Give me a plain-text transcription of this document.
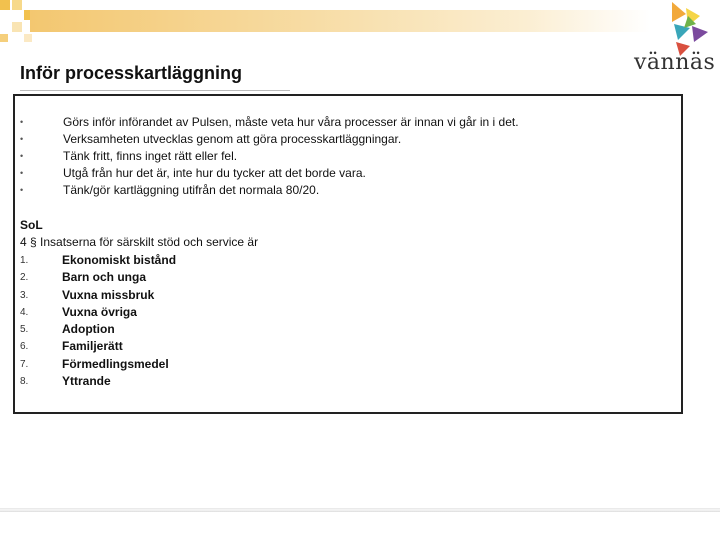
vännäs
Inför processkartläggning
•	Görs inför införandet av Pulsen, måste veta hur våra processer är innan vi går in i det.
•	Verksamheten utvecklas genom att göra processkartläggningar.
•	Tänk fritt, finns inget rätt eller fel.
•	Utgå från hur det är, inte hur du tycker att det borde vara.
•	Tänk/gör kartläggning utifrån det normala 80/20.
SoL
4 § Insatserna för särskilt stöd och service är
1.	Ekonomiskt bistånd
2.	Barn och unga
3.	Vuxna missbruk
4.	Vuxna övriga
5.	Adoption
6.	Familjerätt
7.	Förmedlingsmedel
8.	Yttrande
